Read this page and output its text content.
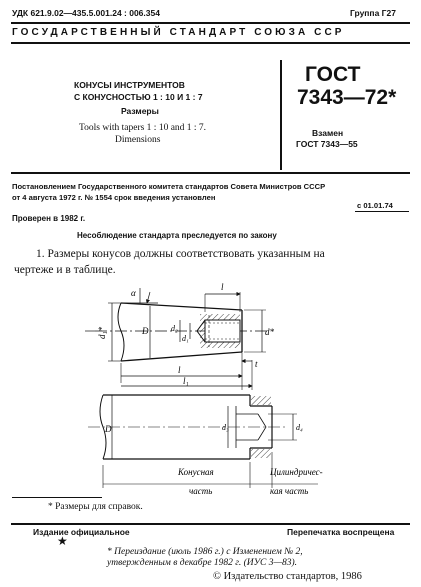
УДК 621.9.02—435.5.001.24 : 006.354	Группа Г27
ГОСУДАРСТВЕННЫЙ СТАНДАРТ СОЮЗА ССР
КОНУСЫ ИНСТРУМЕНТОВ
С КОНУСНОСТЬЮ 1 : 10 И 1 : 7
Размеры
Tools with tapers 1 : 10 and 1 : 7.
Dimensions
ГОСТ
7343—72*
Взамен
ГОСТ 7343—55
Постановлением Государственного комитета стандартов Совета Министров СССР
от 4 августа 1972 г. № 1554 срок введения установлен
с 01.01.74
Проверен в 1982 г.
Несоблюдение стандарта преследуется по закону
1. Размеры конусов должны соответствовать указанным на
чертеже и в таблице.
α
l
d₁*	D	d₂
d₁
d*
t
l
l₁
D	d₃	d₄
Конусная
часть
Цилиндричес-
кая часть
* Размеры для справок.
Издание официальное	Перепечатка воспрещена
★
* Переиздание (июль 1986 г.) с Изменением № 2,
утвержденным в декабре 1982 г. (ИУС 3—83).
© Издательство стандартов, 1986
